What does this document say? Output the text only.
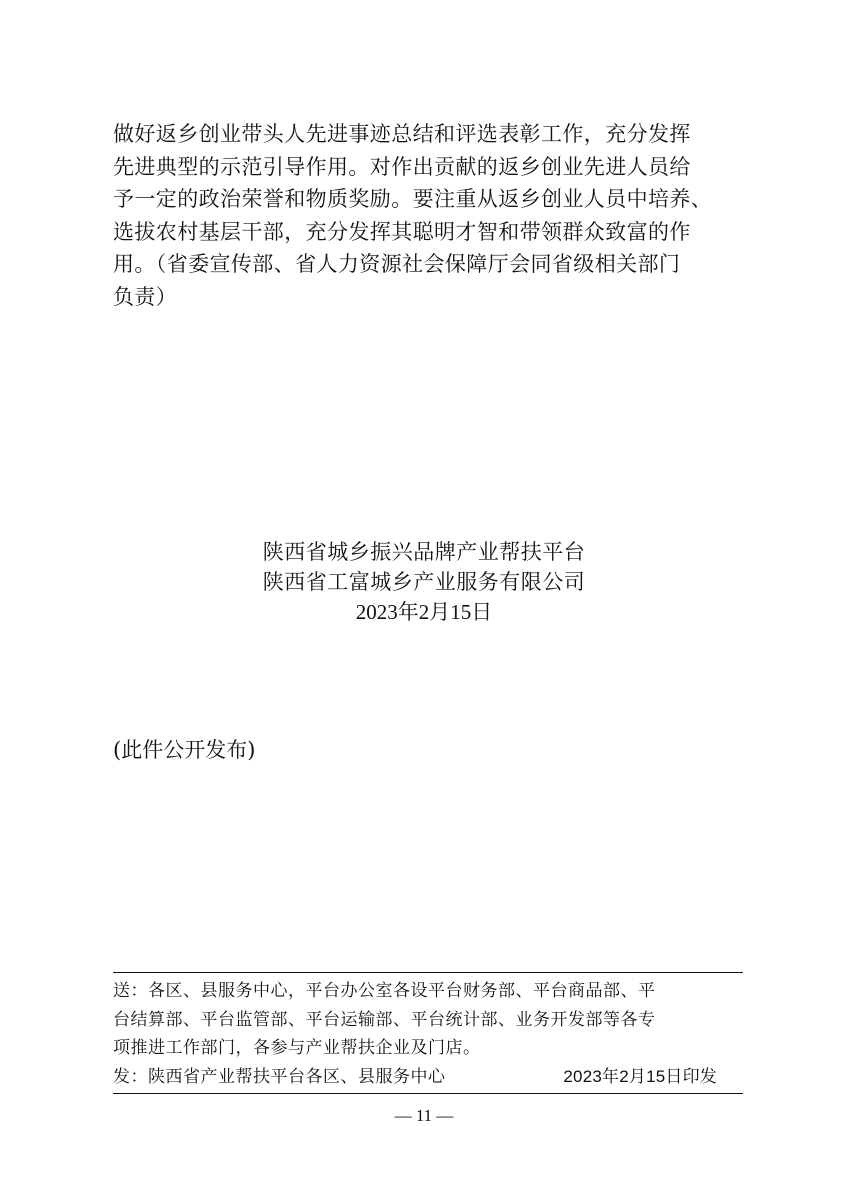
做好返乡创业带头人先进事迹总结和评选表彰工作，充分发挥

先进典型的示范引导作用。对作出贡献的返乡创业先进人员给

予一定的政治荣誉和物质奖励。要注重从返乡创业人员中培养、

选拔农村基层干部，充分发挥其聪明才智和带领群众致富的作

用。（省委宣传部、省人力资源社会保障厅会同省级相关部门

负责）

陕西省城乡振兴品牌产业帮扶平台
陕西省工富城乡产业服务有限公司
2023年2月15日
(此件公开发布)

送：各区、县服务中心，平台办公室各设平台财务部、平台商品部、平

台结算部、平台监管部、平台运输部、平台统计部、业务开发部等各专

项推进工作部门，各参与产业帮扶企业及门店。

发：陕西省产业帮扶平台各区、县服务中心	2023年2月15日印发
— 11 —
